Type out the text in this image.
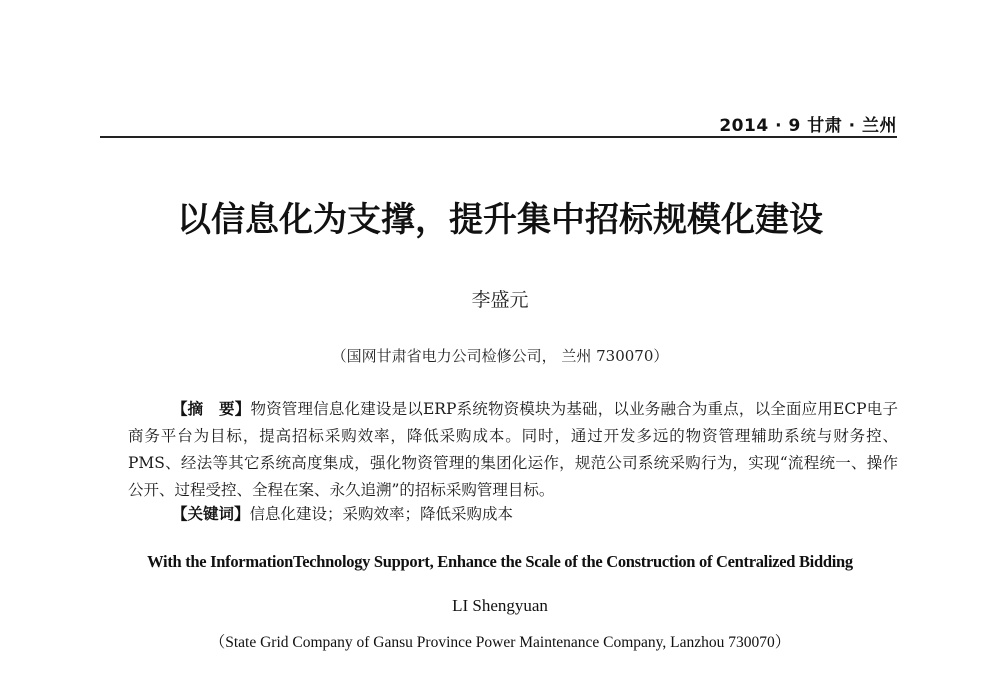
2014 · 9 甘肃 · 兰州
以信息化为支撑，提升集中招标规模化建设
李盛元
（国网甘肃省电力公司检修公司， 兰州 730070）
【摘　要】物资管理信息化建设是以ERP系统物资模块为基础，以业务融合为重点，以全面应用ECP电子商务平台为目标，提高招标采购效率，降低采购成本。同时，通过开发多远的物资管理辅助系统与财务控、PMS、经法等其它系统高度集成，强化物资管理的集团化运作，规范公司系统采购行为，实现“流程统一、操作公开、过程受控、全程在案、永久追溯”的招标采购管理目标。
【关键词】信息化建设；采购效率；降低采购成本
With the InformationTechnology Support, Enhance the Scale of the Construction of Centralized Bidding
LI Shengyuan
（State Grid Company of Gansu Province Power Maintenance Company, Lanzhou 730070）
